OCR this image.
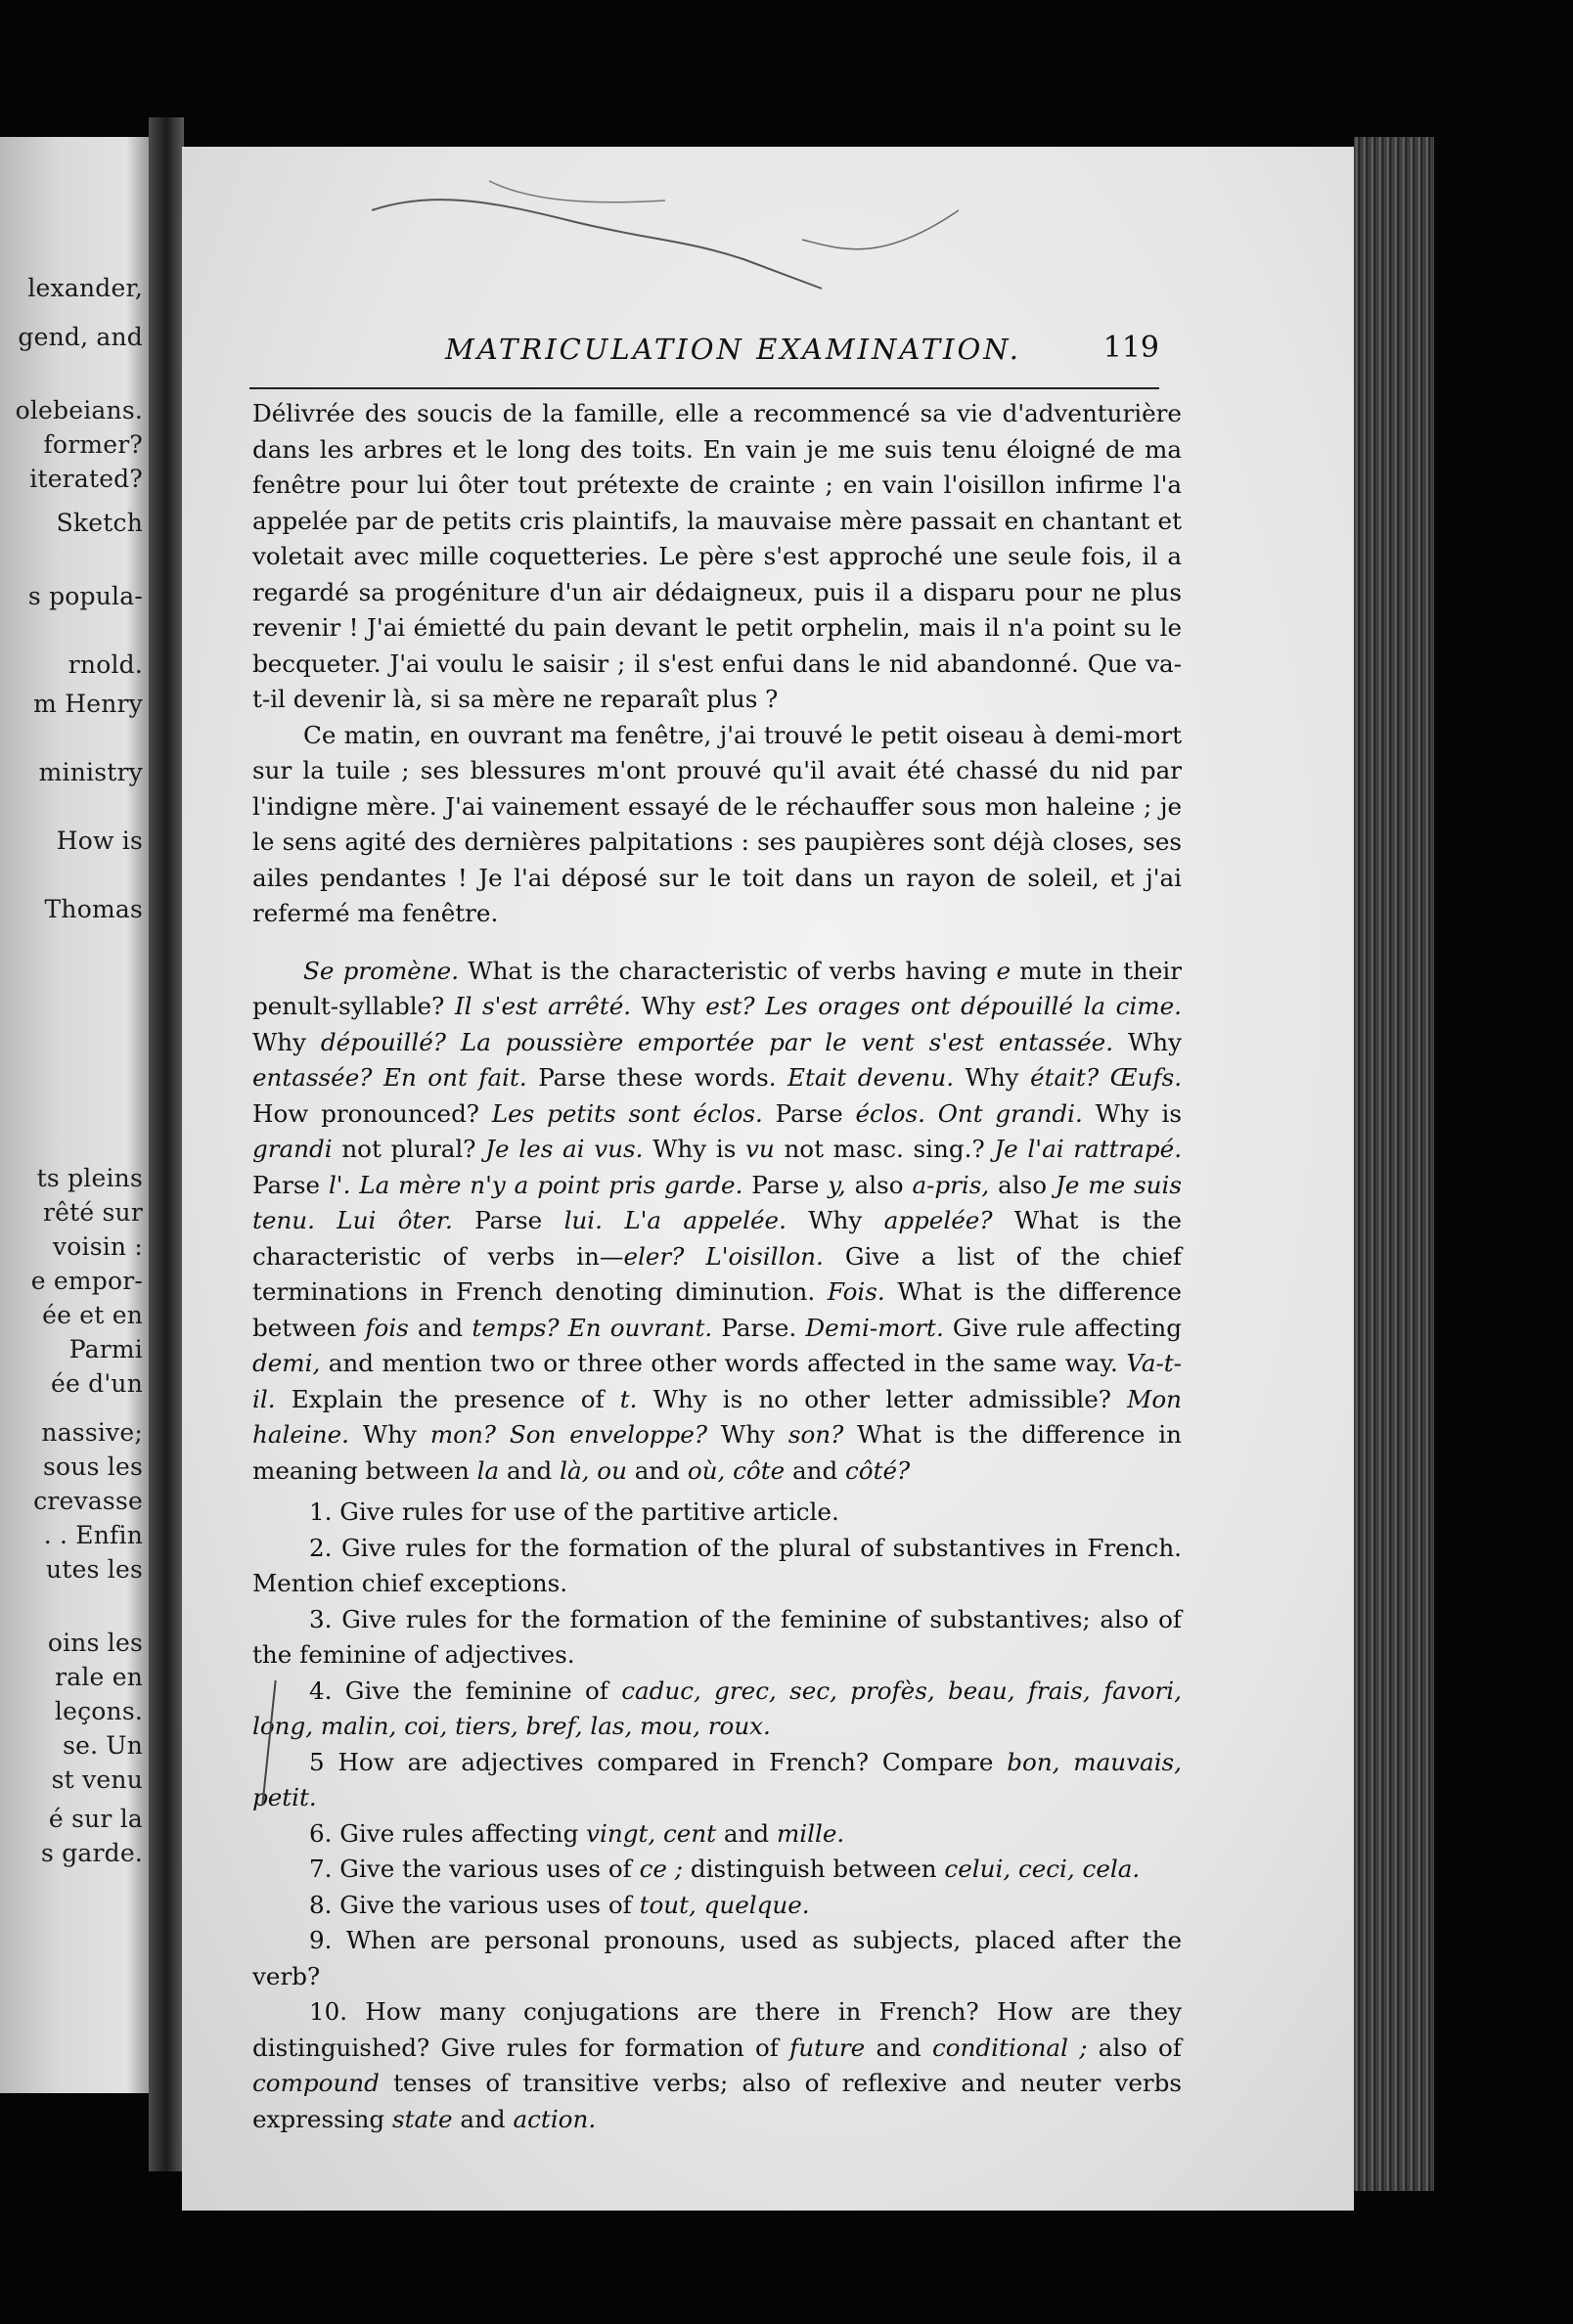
lexander,
gend, and
olebeians.
former?
iterated?
Sketch
s popula-
rnold.
m Henry
ministry
How is
Thomas
ts pleins
rêté sur
voisin :
e empor-
ée et en
Parmi
ée d'un
nassive;
sous les
crevasse
. . Enfin
utes les
oins les
rale en
leçons.
se. Un
st venu
é sur la
s garde.
MATRICULATION EXAMINATION.	119

Délivrée des soucis de la famille, elle a recommencé sa vie d'adventurière dans les arbres et le long des toits. En vain je me suis tenu éloigné de ma fenêtre pour lui ôter tout prétexte de crainte ; en vain l'oisillon infirme l'a appelée par de petits cris plaintifs, la mauvaise mère passait en chantant et voletait avec mille coquetteries. Le père s'est approché une seule fois, il a regardé sa progéniture d'un air dédaigneux, puis il a disparu pour ne plus revenir ! J'ai émietté du pain devant le petit orphelin, mais il n'a point su le becqueter. J'ai voulu le saisir ; il s'est enfui dans le nid abandonné. Que va-t-il devenir là, si sa mère ne reparaît plus ?

Ce matin, en ouvrant ma fenêtre, j'ai trouvé le petit oiseau à demi-mort sur la tuile ; ses blessures m'ont prouvé qu'il avait été chassé du nid par l'indigne mère. J'ai vainement essayé de le réchauffer sous mon haleine ; je le sens agité des dernières palpitations : ses paupières sont déjà closes, ses ailes pendantes ! Je l'ai déposé sur le toit dans un rayon de soleil, et j'ai refermé ma fenêtre.

Se promène. What is the characteristic of verbs having e mute in their penult-syllable? Il s'est arrêté. Why est? Les orages ont dépouillé la cime. Why dépouillé? La poussière emportée par le vent s'est entassée. Why entassée? En ont fait. Parse these words. Etait devenu. Why était? Œufs. How pronounced? Les petits sont éclos. Parse éclos. Ont grandi. Why is grandi not plural? Je les ai vus. Why is vu not masc. sing.? Je l'ai rattrapé. Parse l'. La mère n'y a point pris garde. Parse y, also a-pris, also Je me suis tenu. Lui ôter. Parse lui. L'a appelée. Why appelée? What is the characteristic of verbs in—eler? L'oisillon. Give a list of the chief terminations in French denoting diminution. Fois. What is the difference between fois and temps? En ouvrant. Parse. Demi-mort. Give rule affecting demi, and mention two or three other words affected in the same way. Va-t-il. Explain the presence of t. Why is no other letter admissible? Mon haleine. Why mon? Son enveloppe? Why son? What is the difference in meaning between la and là, ou and où, côte and côté?

1. Give rules for use of the partitive article.

2. Give rules for the formation of the plural of substantives in French. Mention chief exceptions.

3. Give rules for the formation of the feminine of substantives; also of the feminine of adjectives.

4. Give the feminine of caduc, grec, sec, profès, beau, frais, favori, long, malin, coi, tiers, bref, las, mou, roux.

5 How are adjectives compared in French? Compare bon, mauvais, petit.

6. Give rules affecting vingt, cent and mille.

7. Give the various uses of ce ; distinguish between celui, ceci, cela.

8. Give the various uses of tout, quelque.

9. When are personal pronouns, used as subjects, placed after the verb?

10. How many conjugations are there in French? How are they distinguished? Give rules for formation of future and conditional ; also of compound tenses of transitive verbs; also of reflexive and neuter verbs expressing state and action.
